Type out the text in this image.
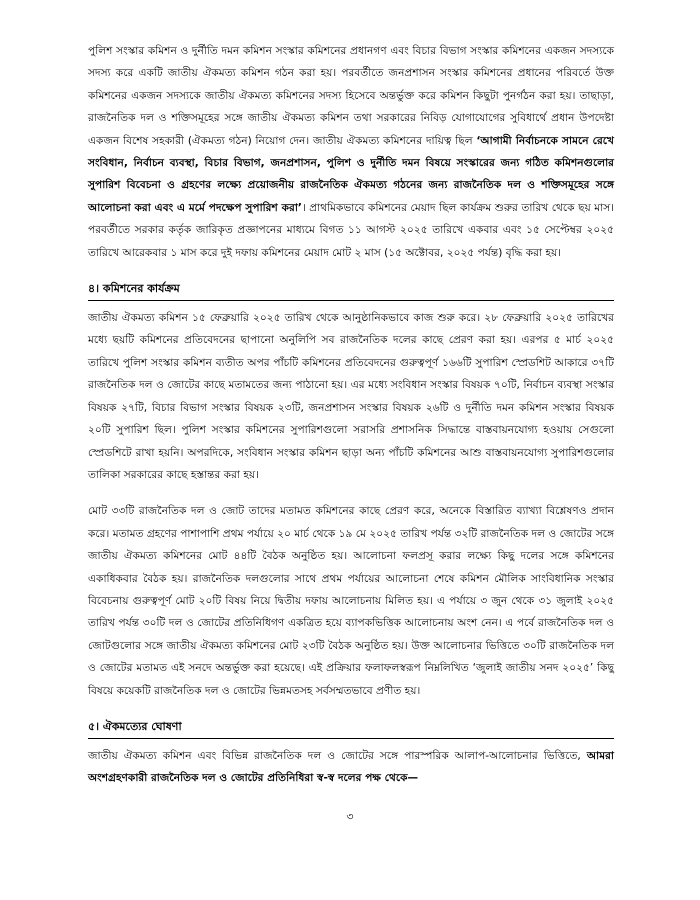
পুলিশ সংস্কার কমিশন ও দুর্নীতি দমন কমিশন সংস্কার কমিশনের প্রধানগণ এবং বিচার বিভাগ সংস্কার কমিশনের একজন সদস্যকে সদস্য করে একটি জাতীয় ঐকমত্য কমিশন গঠন করা হয়। পরবর্তীতে জনপ্রশাসন সংস্কার কমিশনের প্রধানের পরিবর্তে উক্ত কমিশনের একজন সদস্যকে জাতীয় ঐকমত্য কমিশনের সদস্য হিসেবে অন্তর্ভুক্ত করে কমিশন কিছুটা পুনর্গঠন করা হয়। তাছাড়া, রাজনৈতিক দল ও শক্তিসমূহের সঙ্গে জাতীয় ঐকমত্য কমিশন তথা সরকারের নিবিড় যোগাযোগের সুবিধার্থে প্রধান উপদেষ্টা একজন বিশেষ সহকারী (ঐকমত্য গঠন) নিয়োগ দেন। জাতীয় ঐকমত্য কমিশনের দায়িত্ব ছিল ‘আগামী নির্বাচনকে সামনে রেখে সংবিধান, নির্বাচন ব্যবস্থা, বিচার বিভাগ, জনপ্রশাসন, পুলিশ ও দুর্নীতি দমন বিষয়ে সংস্কারের জন্য গঠিত কমিশনগুলোর সুপারিশ বিবেচনা ও গ্রহণের লক্ষ্যে প্রয়োজনীয় রাজনৈতিক ঐকমত্য গঠনের জন্য রাজনৈতিক দল ও শক্তিসমূহের সঙ্গে আলোচনা করা এবং এ মর্মে পদক্ষেপ সুপারিশ করা’। প্রাথমিকভাবে কমিশনের মেয়াদ ছিল কার্যক্রম শুরুর তারিখ থেকে ছয় মাস। পরবর্তীতে সরকার কর্তৃক জারিকৃত প্রজ্ঞাপনের মাধ্যমে বিগত ১১ আগস্ট ২০২৫ তারিখে একবার এবং ১৫ সেপ্টেম্বর ২০২৫ তারিখে আরেকবার ১ মাস করে দুই দফায় কমিশনের মেয়াদ মোট ২ মাস (১৫ অক্টোবর, ২০২৫ পর্যন্ত) বৃদ্ধি করা হয়।

৪। কমিশনের কার্যক্রম

জাতীয় ঐকমত্য কমিশন ১৫ ফেব্রুয়ারি ২০২৫ তারিখ থেকে আনুষ্ঠানিকভাবে কাজ শুরু করে। ২৮ ফেব্রুয়ারি ২০২৫ তারিখের মধ্যে ছয়টি কমিশনের প্রতিবেদনের ছাপানো অনুলিপি সব রাজনৈতিক দলের কাছে প্রেরণ করা হয়। এরপর ৫ মার্চ ২০২৫ তারিখে পুলিশ সংস্কার কমিশন ব্যতীত অপর পাঁচটি কমিশনের প্রতিবেদনের গুরুত্বপূর্ণ ১৬৬টি সুপারিশ স্প্রেডশিট আকারে ৩৭টি রাজনৈতিক দল ও জোটের কাছে মতামতের জন্য পাঠানো হয়। এর মধ্যে সংবিধান সংস্কার বিষয়ক ৭০টি, নির্বাচন ব্যবস্থা সংস্কার বিষয়ক ২৭টি, বিচার বিভাগ সংস্কার বিষয়ক ২৩টি, জনপ্রশাসন সংস্কার বিষয়ক ২৬টি ও দুর্নীতি দমন কমিশন সংস্কার বিষয়ক ২০টি সুপারিশ ছিল। পুলিশ সংস্কার কমিশনের সুপারিশগুলো সরাসরি প্রশাসনিক সিদ্ধান্তে বাস্তবায়নযোগ্য হওয়ায় সেগুলো স্প্রেডশিটে রাখা হয়নি। অপরদিকে, সংবিধান সংস্কার কমিশন ছাড়া অন্য পাঁচটি কমিশনের আশু বাস্তবায়নযোগ্য সুপারিশগুলোর তালিকা সরকারের কাছে হস্তান্তর করা হয়।

মোট ৩৩টি রাজনৈতিক দল ও জোট তাদের মতামত কমিশনের কাছে প্রেরণ করে, অনেকে বিস্তারিত ব্যাখ্যা বিশ্লেষণও প্রদান করে। মতামত গ্রহণের পাশাপাশি প্রথম পর্যায়ে ২০ মার্চ থেকে ১৯ মে ২০২৫ তারিখ পর্যন্ত ৩২টি রাজনৈতিক দল ও জোটের সঙ্গে জাতীয় ঐকমত্য কমিশনের মোট ৪৪টি বৈঠক অনুষ্ঠিত হয়। আলোচনা ফলপ্রসূ করার লক্ষ্যে কিছু দলের সঙ্গে কমিশনের একাধিকবার বৈঠক হয়। রাজনৈতিক দলগুলোর সাথে প্রথম পর্যায়ের আলোচনা শেষে কমিশন মৌলিক সাংবিধানিক সংস্কার বিবেচনায় গুরুত্বপূর্ণ মোট ২০টি বিষয় নিয়ে দ্বিতীয় দফায় আলোচনায় মিলিত হয়। এ পর্যায়ে ৩ জুন থেকে ৩১ জুলাই ২০২৫ তারিখ পর্যন্ত ৩০টি দল ও জোটের প্রতিনিধিগণ একত্রিত হয়ে ব্যাপকভিত্তিক আলোচনায় অংশ নেন। এ পর্বে রাজনৈতিক দল ও জোটগুলোর সঙ্গে জাতীয় ঐকমত্য কমিশনের মোট ২৩টি বৈঠক অনুষ্ঠিত হয়। উক্ত আলোচনার ভিত্তিতে ৩০টি রাজনৈতিক দল ও জোটের মতামত এই সনদে অন্তর্ভুক্ত করা হয়েছে। এই প্রক্রিয়ার ফলাফলস্বরূপ নিম্নলিখিত ‘জুলাই জাতীয় সনদ ২০২৫’ কিছু বিষয়ে কয়েকটি রাজনৈতিক দল ও জোটের ভিন্নমতসহ সর্বসম্মতভাবে প্রণীত হয়।

৫। ঐকমত্যের ঘোষণা

জাতীয় ঐকমত্য কমিশন এবং বিভিন্ন রাজনৈতিক দল ও জোটের সঙ্গে পারস্পরিক আলাপ-আলোচনার ভিত্তিতে, আমরা অংশগ্রহণকারী রাজনৈতিক দল ও জোটের প্রতিনিধিরা স্ব-স্ব দলের পক্ষ থেকে—

৩
